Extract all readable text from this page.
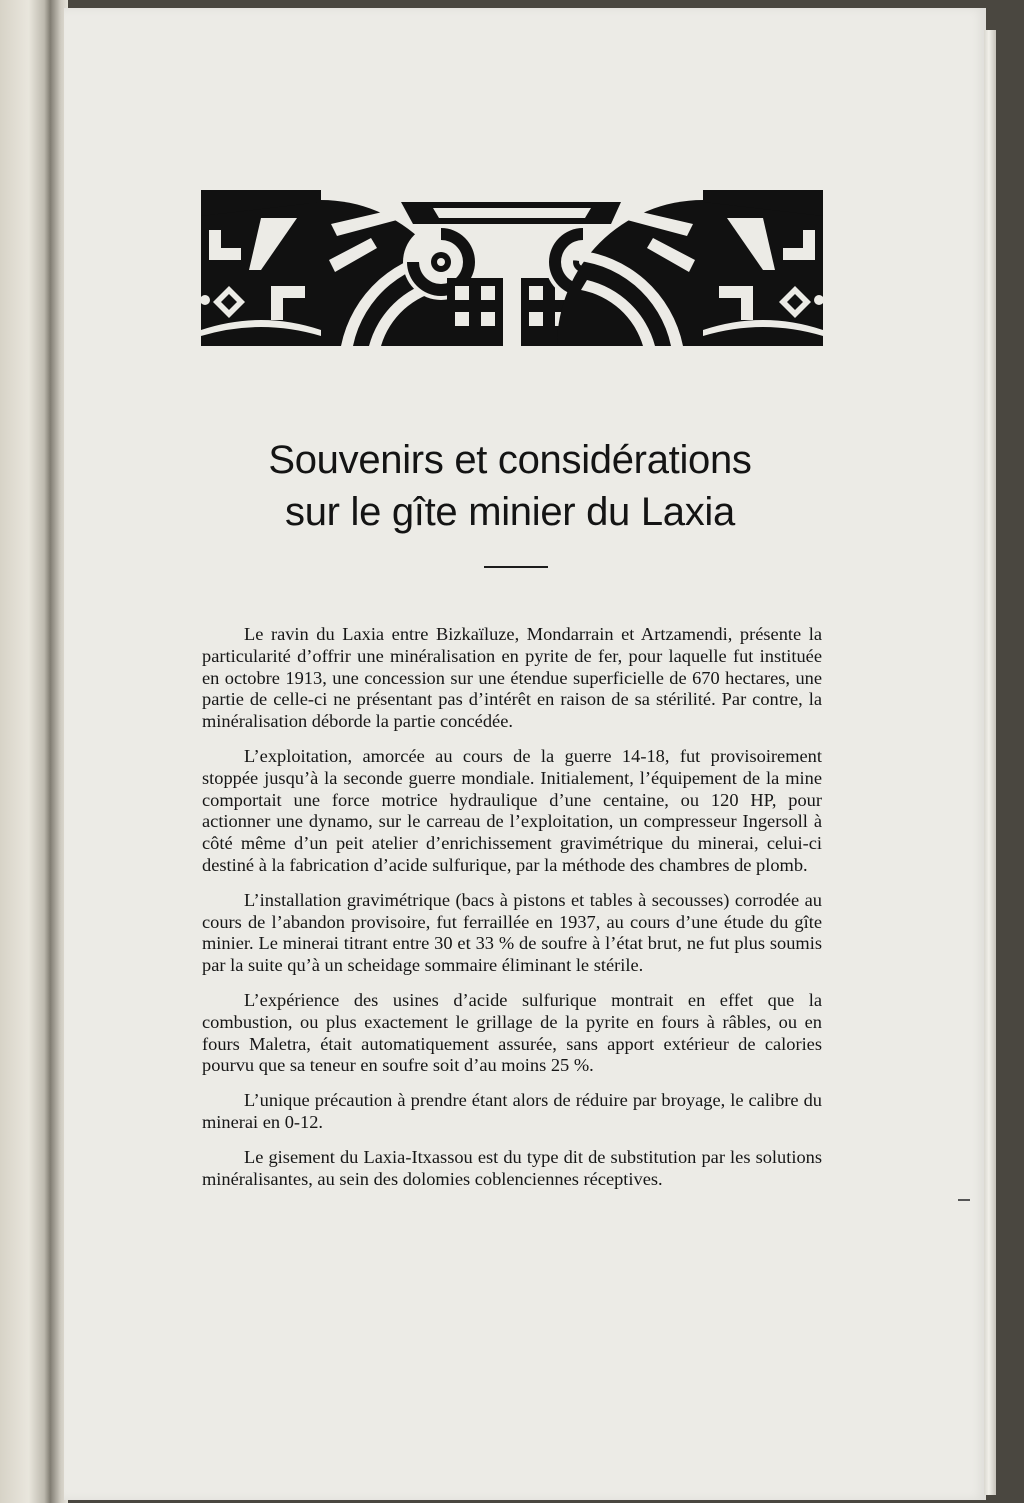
Souvenirs et considérations
sur le gîte minier du Laxia

Le ravin du Laxia entre Bizkaïluze, Mondarrain et Artzamendi, présente la particularité d’offrir une minéralisation en pyrite de fer, pour laquelle fut instituée en octobre 1913, une concession sur une étendue superficielle de 670 hectares, une partie de celle-ci ne présentant pas d’intérêt en raison de sa stérilité. Par contre, la minéralisation déborde la partie concédée.

L’exploitation, amorcée au cours de la guerre 14-18, fut provisoirement stoppée jusqu’à la seconde guerre mondiale. Initialement, l’équipement de la mine comportait une force motrice hydraulique d’une centaine, ou 120 HP, pour actionner une dynamo, sur le carreau de l’exploitation, un compresseur Ingersoll à côté même d’un peit atelier d’enrichissement gravimétrique du minerai, celui-ci destiné à la fabrication d’acide sulfurique, par la méthode des chambres de plomb.

L’installation gravimétrique (bacs à pistons et tables à secousses) corrodée au cours de l’abandon provisoire, fut ferraillée en 1937, au cours d’une étude du gîte minier. Le minerai titrant entre 30 et 33 % de soufre à l’état brut, ne fut plus soumis par la suite qu’à un scheidage sommaire éliminant le stérile.

L’expérience des usines d’acide sulfurique montrait en effet que la combustion, ou plus exactement le grillage de la pyrite en fours à râbles, ou en fours Maletra, était automatiquement assurée, sans apport extérieur de calories pourvu que sa teneur en soufre soit d’au moins 25 %.

L’unique précaution à prendre étant alors de réduire par broyage, le calibre du minerai en 0-12.

Le gisement du Laxia-Itxassou est du type dit de substitution par les solutions minéralisantes, au sein des dolomies coblenciennes réceptives.
